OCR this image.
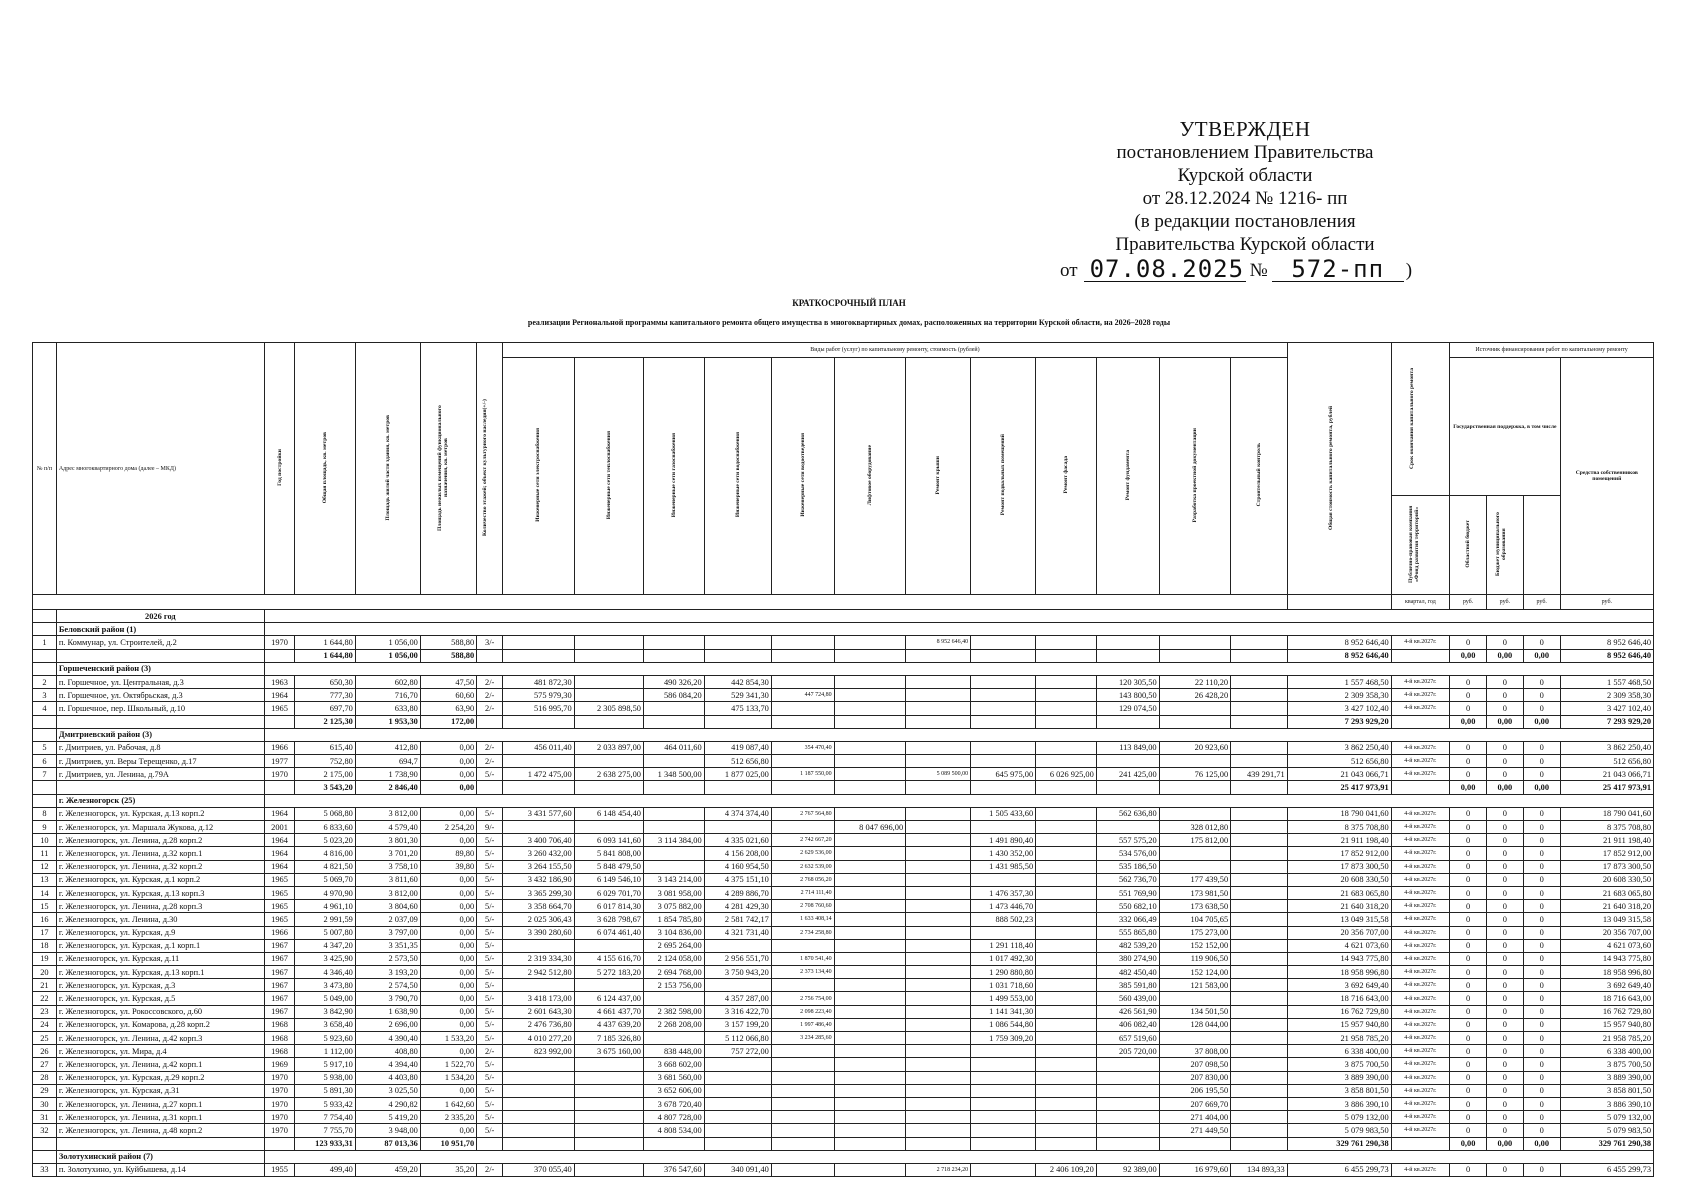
УТВЕРЖДЕН
постановлением Правительства
Курской области
от 28.12.2024 № 1216- пп
(в редакции постановления
Правительства Курской области
от 07.08.2025 № 572-пп	)
КРАТКОСРОЧНЫЙ ПЛАН
реализации Региональной программы капитального ремонта общего имущества в многоквартирных домах, расположенных на территории Курской области, на 2026–2028 годы
№ п/п	Адрес многоквартирного дома (далее – МКД)	Год постройки	Общая площадь, кв. метров	Площадь жилой части здания, кв. метров	Площадь нежилых помещений функционального назначения, кв. метров	Количество этажей; объект культурного наследия(+/-)	Виды работ (услуг) по капитальному ремонту, стоимость (рублей)												Общая стоимость капитального ремонта, рублей	Срок окончания капитального ремонта	Источник финансирования работ по капитальному ремонту			
							Инженерные сети электроснабжения	Инженерные сети теплоснабжения	Инженерные сети газоснабжения	Инженерные сети водоснабжения	Инженерные сети водоотведения	Лифтовое оборудование	Ремонт крыши	Ремонт подвальных помещений	Ремонт фасада	Ремонт фундамента	Разработка проектной документации	Строительный контроль			Государственная поддержка, в том числе			Средства собственников помещений
																				Публично-правовая компания «Фонд развития территорий»	Областной бюджет	Бюджет муниципального образования		
																				квартал, год	руб.	руб.	руб.	руб.
	2026 год																							
	Беловский район (1)																							
1	п. Коммунар, ул. Строителей, д.2	1970	1 644,80	1 056,00	588,80	3/-							8 952 646,40						8 952 646,40	4-й кв.2027г.	0	0	0	8 952 646,40
			1 644,80	1 056,00	588,80														8 952 646,40		0,00	0,00	0,00	8 952 646,40
	Горшеченский район (3)																							
2	п. Горшечное, ул. Центральная, д.3	1963	650,30	602,80	47,50	2/-	481 872,30		490 326,20	442 854,30						120 305,50	22 110,20		1 557 468,50	4-й кв.2027г.	0	0	0	1 557 468,50
3	п. Горшечное, ул. Октябрьская, д.3	1964	777,30	716,70	60,60	2/-	575 979,30		586 084,20	529 341,30	447 724,80					143 800,50	26 428,20		2 309 358,30	4-й кв.2027г.	0	0	0	2 309 358,30
4	п. Горшечное, пер. Школьный, д.10	1965	697,70	633,80	63,90	2/-	516 995,70	2 305 898,50		475 133,70						129 074,50			3 427 102,40	4-й кв.2027г.	0	0	0	3 427 102,40
			2 125,30	1 953,30	172,00														7 293 929,20		0,00	0,00	0,00	7 293 929,20
	Дмитриевский район (3)																							
5	г. Дмитриев, ул. Рабочая, д.8	1966	615,40	412,80	0,00	2/-	456 011,40	2 033 897,00	464 011,60	419 087,40	354 470,40					113 849,00	20 923,60		3 862 250,40	4-й кв.2027г.	0	0	0	3 862 250,40
6	г. Дмитриев, ул. Веры Терещенко, д.17	1977	752,80	694,7	0,00	2/-				512 656,80									512 656,80	4-й кв.2027г.	0	0	0	512 656,80
7	г. Дмитриев, ул. Ленина, д.79А	1970	2 175,00	1 738,90	0,00	5/-	1 472 475,00	2 638 275,00	1 348 500,00	1 877 025,00	1 187 550,00		5 089 500,00	645 975,00	6 026 925,00	241 425,00	76 125,00	439 291,71	21 043 066,71	4-й кв.2027г.	0	0	0	21 043 066,71
			3 543,20	2 846,40	0,00														25 417 973,91		0,00	0,00	0,00	25 417 973,91
	г. Железногорск (25)																							
8	г. Железногорск, ул. Курская, д.13 корп.2	1964	5 068,80	3 812,00	0,00	5/-	3 431 577,60	6 148 454,40		4 374 374,40	2 767 564,80			1 505 433,60		562 636,80			18 790 041,60	4-й кв.2027г.	0	0	0	18 790 041,60
9	г. Железногорск, ул. Маршала Жукова, д.12	2001	6 833,60	4 579,40	2 254,20	9/-						8 047 696,00					328 012,80		8 375 708,80	4-й кв.2027г.	0	0	0	8 375 708,80
10	г. Железногорск, ул. Ленина, д.28 корп.2	1964	5 023,20	3 801,30	0,00	5/-	3 400 706,40	6 093 141,60	3 114 384,00	4 335 021,60	2 742 667,20			1 491 890,40		557 575,20	175 812,00		21 911 198,40	4-й кв.2027г.	0	0	0	21 911 198,40
11	г. Железногорск, ул. Ленина, д.32 корп.1	1964	4 816,00	3 701,20	89,80	5/-	3 260 432,00	5 841 808,00		4 156 208,00	2 629 536,00			1 430 352,00		534 576,00			17 852 912,00	4-й кв.2027г.	0	0	0	17 852 912,00
12	г. Железногорск, ул. Ленина, д.32 корп.2	1964	4 821,50	3 758,10	39,80	5/-	3 264 155,50	5 848 479,50		4 160 954,50	2 632 539,00			1 431 985,50		535 186,50			17 873 300,50	4-й кв.2027г.	0	0	0	17 873 300,50
13	г. Железногорск, ул. Курская, д.1 корп.2	1965	5 069,70	3 811,60	0,00	5/-	3 432 186,90	6 149 546,10	3 143 214,00	4 375 151,10	2 768 056,20					562 736,70	177 439,50		20 608 330,50	4-й кв.2027г.	0	0	0	20 608 330,50
14	г. Железногорск, ул. Курская, д.13 корп.3	1965	4 970,90	3 812,00	0,00	5/-	3 365 299,30	6 029 701,70	3 081 958,00	4 289 886,70	2 714 111,40			1 476 357,30		551 769,90	173 981,50		21 683 065,80	4-й кв.2027г.	0	0	0	21 683 065,80
15	г. Железногорск, ул. Ленина, д.28 корп.3	1965	4 961,10	3 804,60	0,00	5/-	3 358 664,70	6 017 814,30	3 075 882,00	4 281 429,30	2 708 760,60			1 473 446,70		550 682,10	173 638,50		21 640 318,20	4-й кв.2027г.	0	0	0	21 640 318,20
16	г. Железногорск, ул. Ленина, д.30	1965	2 991,59	2 037,09	0,00	5/-	2 025 306,43	3 628 798,67	1 854 785,80	2 581 742,17	1 633 408,14			888 502,23		332 066,49	104 705,65		13 049 315,58	4-й кв.2027г.	0	0	0	13 049 315,58
17	г. Железногорск, ул. Курская, д.9	1966	5 007,80	3 797,00	0,00	5/-	3 390 280,60	6 074 461,40	3 104 836,00	4 321 731,40	2 734 258,80					555 865,80	175 273,00		20 356 707,00	4-й кв.2027г.	0	0	0	20 356 707,00
18	г. Железногорск, ул. Курская, д.1 корп.1	1967	4 347,20	3 351,35	0,00	5/-			2 695 264,00					1 291 118,40		482 539,20	152 152,00		4 621 073,60	4-й кв.2027г.	0	0	0	4 621 073,60
19	г. Железногорск, ул. Курская, д.11	1967	3 425,90	2 573,50	0,00	5/-	2 319 334,30	4 155 616,70	2 124 058,00	2 956 551,70	1 870 541,40			1 017 492,30		380 274,90	119 906,50		14 943 775,80	4-й кв.2027г.	0	0	0	14 943 775,80
20	г. Железногорск, ул. Курская, д.13 корп.1	1967	4 346,40	3 193,20	0,00	5/-	2 942 512,80	5 272 183,20	2 694 768,00	3 750 943,20	2 373 134,40			1 290 880,80		482 450,40	152 124,00		18 958 996,80	4-й кв.2027г.	0	0	0	18 958 996,80
21	г. Железногорск, ул. Курская, д.3	1967	3 473,80	2 574,50	0,00	5/-			2 153 756,00					1 031 718,60		385 591,80	121 583,00		3 692 649,40	4-й кв.2027г.	0	0	0	3 692 649,40
22	г. Железногорск, ул. Курская, д.5	1967	5 049,00	3 790,70	0,00	5/-	3 418 173,00	6 124 437,00		4 357 287,00	2 756 754,00			1 499 553,00		560 439,00			18 716 643,00	4-й кв.2027г.	0	0	0	18 716 643,00
23	г. Железногорск, ул. Рокоссовского, д.60	1967	3 842,90	1 638,90	0,00	5/-	2 601 643,30	4 661 437,70	2 382 598,00	3 316 422,70	2 098 223,40			1 141 341,30		426 561,90	134 501,50		16 762 729,80	4-й кв.2027г.	0	0	0	16 762 729,80
24	г. Железногорск, ул. Комарова, д.28 корп.2	1968	3 658,40	2 696,00	0,00	5/-	2 476 736,80	4 437 639,20	2 268 208,00	3 157 199,20	1 997 486,40			1 086 544,80		406 082,40	128 044,00		15 957 940,80	4-й кв.2027г.	0	0	0	15 957 940,80
25	г. Железногорск, ул. Ленина, д.42 корп.3	1968	5 923,60	4 390,40	1 533,20	5/-	4 010 277,20	7 185 326,80		5 112 066,80	3 234 285,60			1 759 309,20		657 519,60			21 958 785,20	4-й кв.2027г.	0	0	0	21 958 785,20
26	г. Железногорск, ул. Мира, д.4	1968	1 112,00	408,80	0,00	2/-	823 992,00	3 675 160,00	838 448,00	757 272,00						205 720,00	37 808,00		6 338 400,00	4-й кв.2027г.	0	0	0	6 338 400,00
27	г. Железногорск, ул. Ленина, д.42 корп.1	1969	5 917,10	4 394,40	1 522,70	5/-			3 668 602,00								207 098,50		3 875 700,50	4-й кв.2027г.	0	0	0	3 875 700,50
28	г. Железногорск, ул. Курская, д.29 корп.2	1970	5 938,00	4 403,80	1 534,20	5/-			3 681 560,00								207 830,00		3 889 390,00	4-й кв.2027г.	0	0	0	3 889 390,00
29	г. Железногорск, ул. Курская, д.31	1970	5 891,30	3 025,50	0,00	5/-			3 652 606,00								206 195,50		3 858 801,50	4-й кв.2027г.	0	0	0	3 858 801,50
30	г. Железногорск, ул. Ленина, д.27 корп.1	1970	5 933,42	4 290,82	1 642,60	5/-			3 678 720,40								207 669,70		3 886 390,10	4-й кв.2027г.	0	0	0	3 886 390,10
31	г. Железногорск, ул. Ленина, д.31 корп.1	1970	7 754,40	5 419,20	2 335,20	5/-			4 807 728,00								271 404,00		5 079 132,00	4-й кв.2027г.	0	0	0	5 079 132,00
32	г. Железногорск, ул. Ленина, д.48 корп.2	1970	7 755,70	3 948,00	0,00	5/-			4 808 534,00								271 449,50		5 079 983,50	4-й кв.2027г.	0	0	0	5 079 983,50
			123 933,31	87 013,36	10 951,70														329 761 290,38		0,00	0,00	0,00	329 761 290,38
	Золотухинский район (7)																							
33	п. Золотухино, ул. Куйбышева, д.14	1955	499,40	459,20	35,20	2/-	370 055,40		376 547,60	340 091,40			2 718 234,20		2 406 109,20	92 389,00	16 979,60	134 893,33	6 455 299,73	4-й кв.2027г.	0	0	0	6 455 299,73
